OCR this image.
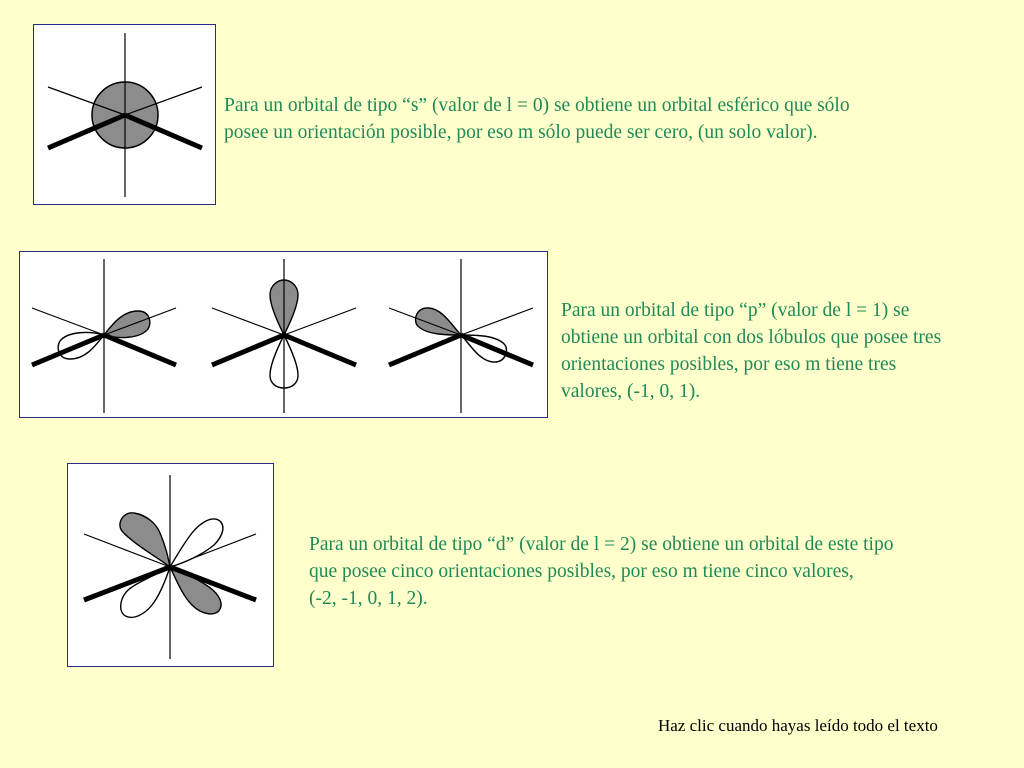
Para un orbital de tipo “s” (valor de l = 0) se obtiene un orbital esférico que sólo
posee un orientación posible, por eso m sólo puede ser cero, (un solo valor).

Para un orbital de tipo “p” (valor de l = 1) se
obtiene un orbital con dos lóbulos que posee tres
orientaciones posibles, por eso m tiene tres
valores, (-1, 0, 1).

Para un orbital de tipo “d” (valor de l = 2) se obtiene un orbital de este tipo
que posee cinco orientaciones posibles, por eso m tiene cinco valores,
(-2, -1, 0, 1, 2).

Haz clic cuando hayas leído todo el texto
